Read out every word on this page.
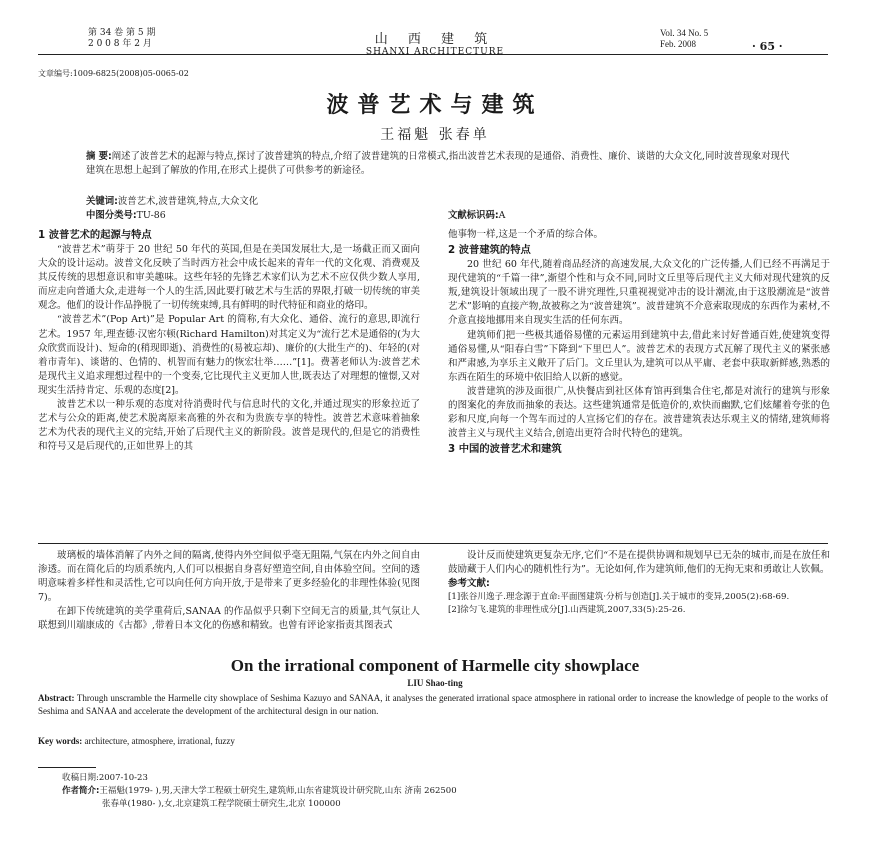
第 34 卷 第 5 期
2 0 0 8 年 2 月	山 西 建 筑
SHANXI ARCHITECTURE
Vol. 34 No. 5
Feb. 2008	· 65 ·
文章编号:1009-6825(2008)05-0065-02
波普艺术与建筑
王福魁 张春单
摘 要:阐述了波普艺术的起源与特点,探讨了波普建筑的特点,介绍了波普建筑的日常模式,指出波普艺术表现的是通俗、消费性、廉价、谈谐的大众文化,同时波普现象对现代建筑在思想上起到了解放的作用,在形式上提供了可供参考的新途径。
关键词:波普艺术,波普建筑,特点,大众文化
中图分类号:TU-86	文献标识码:A

1 波普艺术的起源与特点

“波普艺术”萌芽于 20 世纪 50 年代的英国,但是在美国发展壮大,是一场截正而又面向大众的设计运动。波普文化反映了当时西方社会中成长起来的青年一代的文化观、消费观及其反传统的思想意识和审美趣味。这些年轻的先锋艺术家们认为艺术不应仅供少数人享用,而应走向普通大众,走进每一个人的生活,因此要打破艺术与生活的界限,打破一切传统的审美观念。他们的设计作品挣脱了一切传统束缚,具有鲜明的时代特征和商业的烙印。

“波普艺术”(Pop Art)”是 Popular Art 的简称,有大众化、通俗、流行的意思,即流行艺术。1957 年,理查德·汉密尔顿(Richard Hamilton)对其定义为“流行艺术是通俗的(为大众欣赏而设计)、短命的(稍现即逝)、消费性的(易被忘却)、廉价的(大批生产的)、年轻的(对着市青年)、谈谐的、色情的、机智而有魅力的恢宏壮举……”[1]。费著老师认为:波普艺术是现代主义追求理想过程中的一个变奏,它比现代主义更加人世,既表达了对理想的憧憬,又对现实生活持肯定、乐观的态度[2]。

波普艺术以一种乐观的态度对待消费时代与信息时代的文化,并通过现实的形象拉近了艺术与公众的距离,使艺术脱离原来高雅的外衣和为贵族专享的特性。波普艺术意味着抽象艺术为代表的现代主义的完结,开始了后现代主义的新阶段。波普是现代的,但是它的消费性和符号又是后现代的,正如世界上的其

他事物一样,这是一个矛盾的综合体。

2 波普建筑的特点

20 世纪 60 年代,随着商品经济的高速发展,大众文化的广泛传播,人们已经不再满足于现代建筑的“千篇一律”,渐望个性和与众不同,同时文丘里等后现代主义大师对现代建筑的反叛,建筑设计领域出现了一股不讲究理性,只重视视觉冲击的设计潮流,由于这股潮流是“波普艺术”影响的直接产物,故被称之为“波普建筑”。波普建筑不介意索取现成的东西作为素材,不介意直接地挪用来自现实生活的任何东西。

建筑师们把一些极其通俗易懂的元素运用到建筑中去,借此来讨好普通百姓,使建筑变得通俗易懂,从“阳春白雪”下降到“下里巴人”。波普艺术的表现方式瓦解了现代主义的紧张感和严肃感,为享乐主义敞开了后门。文丘里认为,建筑可以从平庸、老套中获取新鲜感,熟悉的东西在陌生的环境中依旧给人以新的感觉。

波普建筑的涉及面很广,从快餐店到社区体育馆再到集合住宅,都是对流行的建筑与形象的图案化的奔放而抽象的表达。这些建筑通常是低造价的,欢快而幽默,它们炫耀着夸张的色彩和尺度,向每一个驾车而过的人宣扬它们的存在。波普建筑表达乐观主义的情绪,建筑师将波普主义与现代主义结合,创造出更符合时代特色的建筑。

3 中国的波普艺术和建筑

玻璃板的墙体消解了内外之间的隔离,使得内外空间似乎毫无阻隔,气氛在内外之间自由渗透。而在简化后的均质系统内,人们可以根据自身喜好塑造空间,自由体验空间。空间的透明意味着多样性和灵活性,它可以向任何方向开放,于是带来了更多经验化的非理性体验(见图 7)。

在卸下传统建筑的美学重荷后,SANAA 的作品似乎只剩下空间无言的质量,其气氛让人联想到川端康成的《古都》,带着日本文化的伤感和精致。也曾有评论家指责其图表式

设计反而使建筑更复杂无序,它们“不是在提供协调和规划早已无杂的城市,而是在放任和鼓励藏于人们内心的随机性行为”。无论如何,作为建筑师,他们的无拘无束和勇敢让人钦佩。

参考文献:

[1]张谷川逸子.理念源于直命:平面图建筑·分析与创造[J].关于城市的变异,2005(2):68-69.

[2]徐匀飞.建筑的非理性成分[J].山西建筑,2007,33(5):25-26.

On the irrational component of Harmelle city showplace
LIU Shao-ting
Abstract: Through unscramble the Harmelle city showplace of Seshima Kazuyo and SANAA, it analyses the generated irrational space atmosphere in rational order to increase the knowledge of people to the works of Seshima and SANAA and accelerate the development of the architectural design in our nation.
Key words: architecture, atmosphere, irrational, fuzzy
收稿日期:2007-10-23
作者简介:王福魁(1979- ),男,天津大学工程硕士研究生,建筑师,山东省建筑设计研究院,山东 济南 262500
张春单(1980- ),女,北京建筑工程学院硕士研究生,北京 100000
